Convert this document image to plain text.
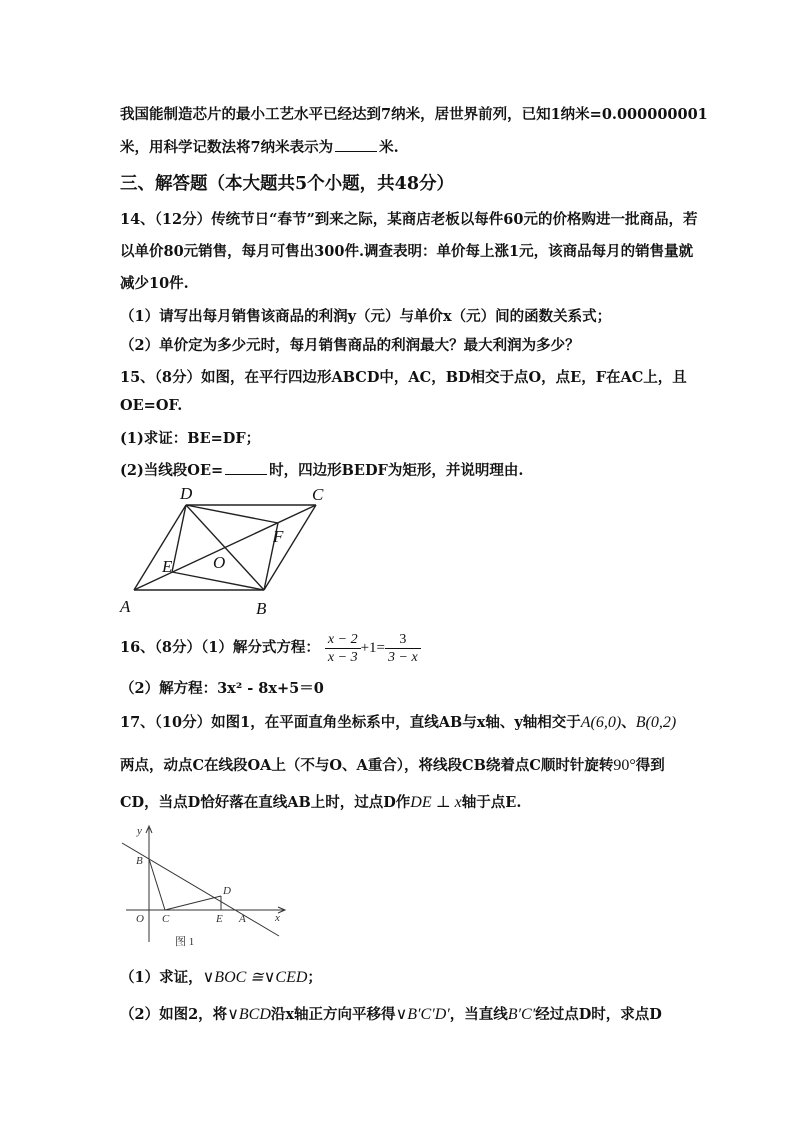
我国能制造芯片的最小工艺水平已经达到7纳米，居世界前列，已知1纳米=0.000000001
米，用科学记数法将7纳米表示为	米.
三、解答题（本大题共5个小题，共48分）
14、（12分）传统节日“春节”到来之际，某商店老板以每件60元的价格购进一批商品，若
以单价80元销售，每月可售出300件.调查表明：单价每上涨1元，该商品每月的销售量就
减少10件.
（1）请写出每月销售该商品的利润y（元）与单价x（元）间的函数关系式；
（2）单价定为多少元时，每月销售商品的利润最大？最大利润为多少？
15、（8分）如图，在平行四边形ABCD中，AC，BD相交于点O，点E，F在AC上，且
OE=OF.
(1)求证：BE=DF；
(2)当线段OE=	时，四边形BEDF为矩形，并说明理由.
D	C
F
E O
A	B
16、（8分）（1）解分式方程： $\frac{x - 2}{x - 3} +1= \frac{3}{3 - x}$
（2）解方程：3x² - 8x+5＝0
17、（10分）如图1，在平面直角坐标系中，直线AB与x轴、y轴相交于A(6,0)、B(0,2)
两点，动点C在线段OA上（不与O、A重合），将线段CB绕着点C顺时针旋转90°得到
CD，当点D恰好落在直线AB上时，过点D作DE ⊥ x轴于点E.
y
x
B
D
O C	E A
图 1
（1）求证，∨BOC ≅∨CED；
（2）如图2，将∨BCD沿x轴正方向平移得∨B′C′D′，当直线B′C′经过点D时，求点D
